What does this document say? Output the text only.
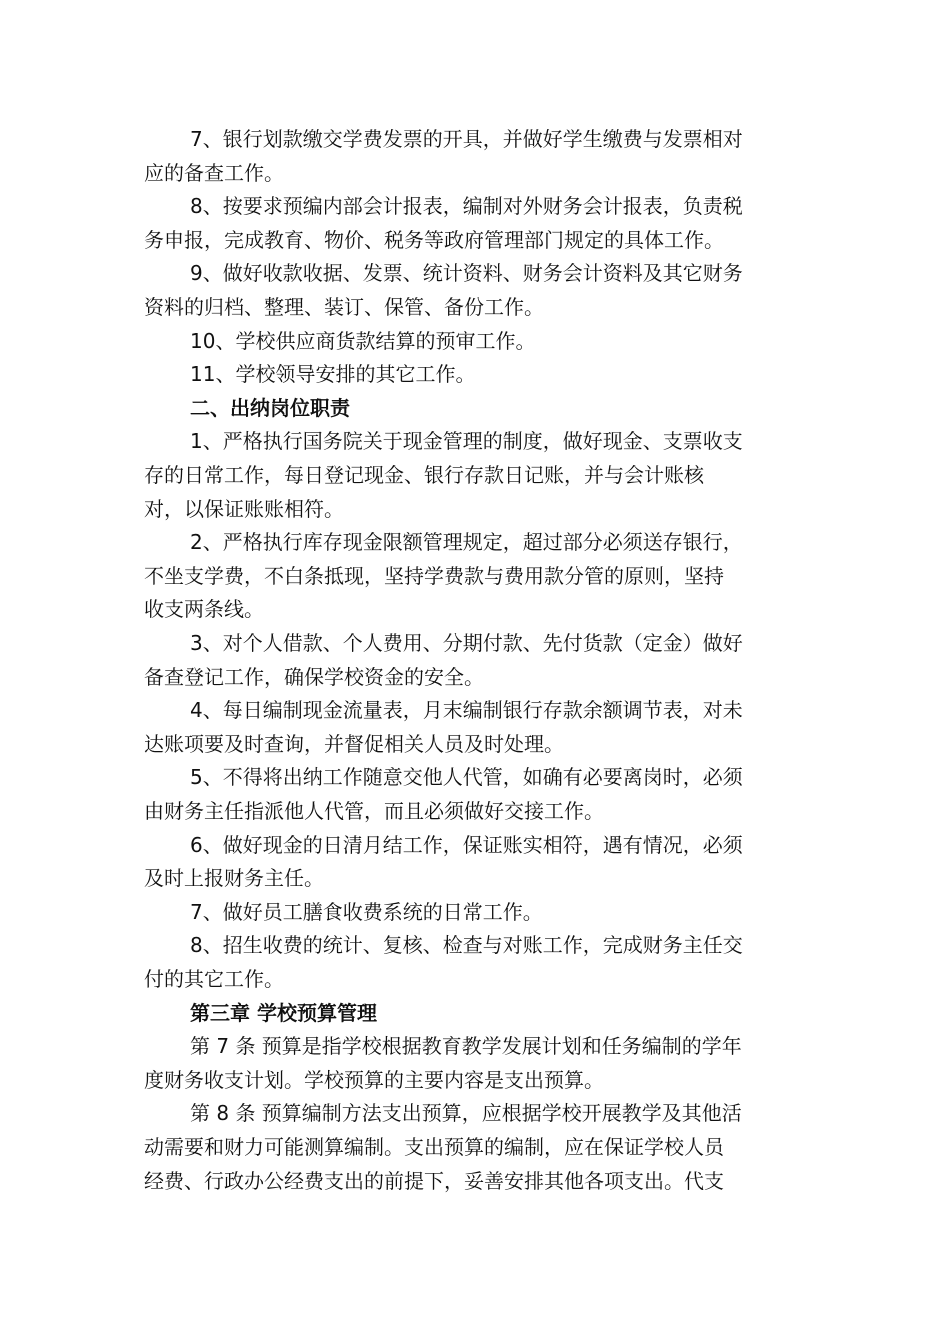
7、银行划款缴交学费发票的开具，并做好学生缴费与发票相对
应的备查工作。
8、按要求预编内部会计报表，编制对外财务会计报表，负责税
务申报，完成教育、物价、税务等政府管理部门规定的具体工作。
9、做好收款收据、发票、统计资料、财务会计资料及其它财务
资料的归档、整理、装订、保管、备份工作。
10、学校供应商货款结算的预审工作。
11、学校领导安排的其它工作。
二、出纳岗位职责
1、严格执行国务院关于现金管理的制度，做好现金、支票收支
存的日常工作，每日登记现金、银行存款日记账，并与会计账核
对，以保证账账相符。
2、严格执行库存现金限额管理规定，超过部分必须送存银行，
不坐支学费，不白条抵现，坚持学费款与费用款分管的原则，坚持
收支两条线。
3、对个人借款、个人费用、分期付款、先付货款（定金）做好
备查登记工作，确保学校资金的安全。
4、每日编制现金流量表，月末编制银行存款余额调节表，对未
达账项要及时查询，并督促相关人员及时处理。
5、不得将出纳工作随意交他人代管，如确有必要离岗时，必须
由财务主任指派他人代管，而且必须做好交接工作。
6、做好现金的日清月结工作，保证账实相符，遇有情况，必须
及时上报财务主任。
7、做好员工膳食收费系统的日常工作。
8、招生收费的统计、复核、检查与对账工作，完成财务主任交
付的其它工作。
第三章 学校预算管理
第 7 条 预算是指学校根据教育教学发展计划和任务编制的学年
度财务收支计划。学校预算的主要内容是支出预算。
第 8 条 预算编制方法支出预算，应根据学校开展教学及其他活
动需要和财力可能测算编制。支出预算的编制，应在保证学校人员
经费、行政办公经费支出的前提下，妥善安排其他各项支出。代支
